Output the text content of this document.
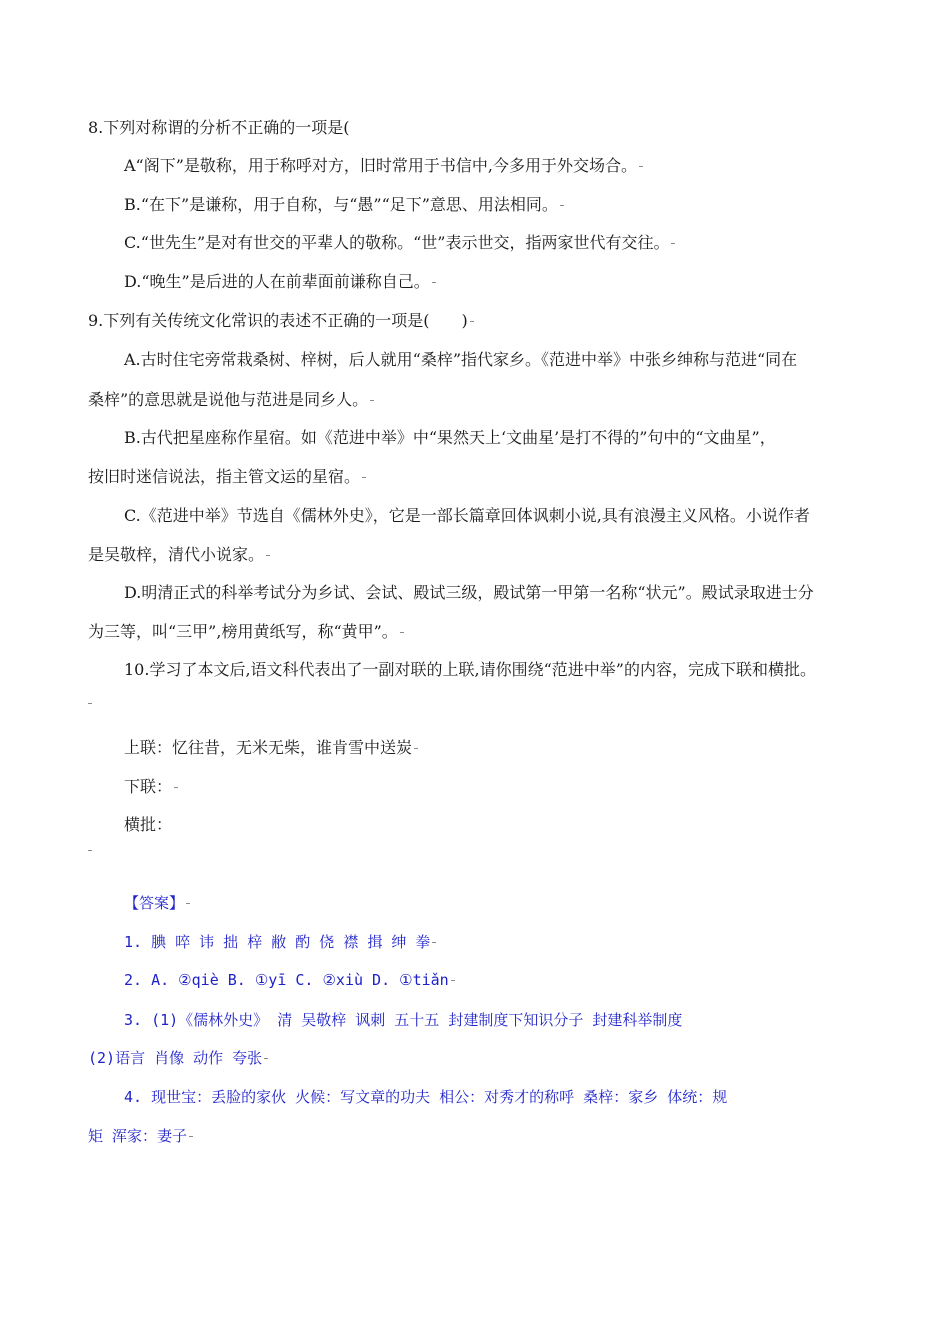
8.下列对称谓的分析不正确的一项是(
A“阁下”是敬称，用于称呼对方，旧时常用于书信中,今多用于外交场合。
B.“在下”是谦称，用于自称，与“愚”“足下”意思、用法相同。
C.“世先生”是对有世交的平辈人的敬称。“世”表示世交，指两家世代有交往。
D.“晚生”是后进的人在前辈面前谦称自己。
9.下列有关传统文化常识的表述不正确的一项是(　　)
A.古时住宅旁常栽桑树、梓树，后人就用“桑梓”指代家乡。《范进中举》中张乡绅称与范进“同在
桑梓”的意思就是说他与范进是同乡人。
B.古代把星座称作星宿。如《范进中举》中“果然天上‘文曲星’是打不得的”句中的“文曲星”，
按旧时迷信说法，指主管文运的星宿。
C.《范进中举》节选自《儒林外史》，它是一部长篇章回体讽刺小说,具有浪漫主义风格。小说作者
是吴敬梓，清代小说家。
D.明清正式的科举考试分为乡试、会试、殿试三级，殿试第一甲第一名称“状元”。殿试录取进士分
为三等，叫“三甲”,榜用黄纸写，称“黄甲”。
10.学习了本文后,语文科代表出了一副对联的上联,请你围绕“范进中举”的内容，完成下联和横批。
上联：忆往昔，无米无柴，谁肯雪中送炭
下联：
横批：
【答案】
1. 腆 啐 讳 拙 梓 敝 酌 侥 襟 揖 绅 拳
2. A. ②qiè B. ①yī C. ②xiù D. ①tiǎn
3. (1)《儒林外史》 清 吴敬梓 讽刺 五十五 封建制度下知识分子 封建科举制度
(2)语言 肖像 动作 夸张
4. 现世宝：丢脸的家伙 火候：写文章的功夫 相公：对秀才的称呼 桑梓：家乡 体统：规
矩 浑家：妻子
